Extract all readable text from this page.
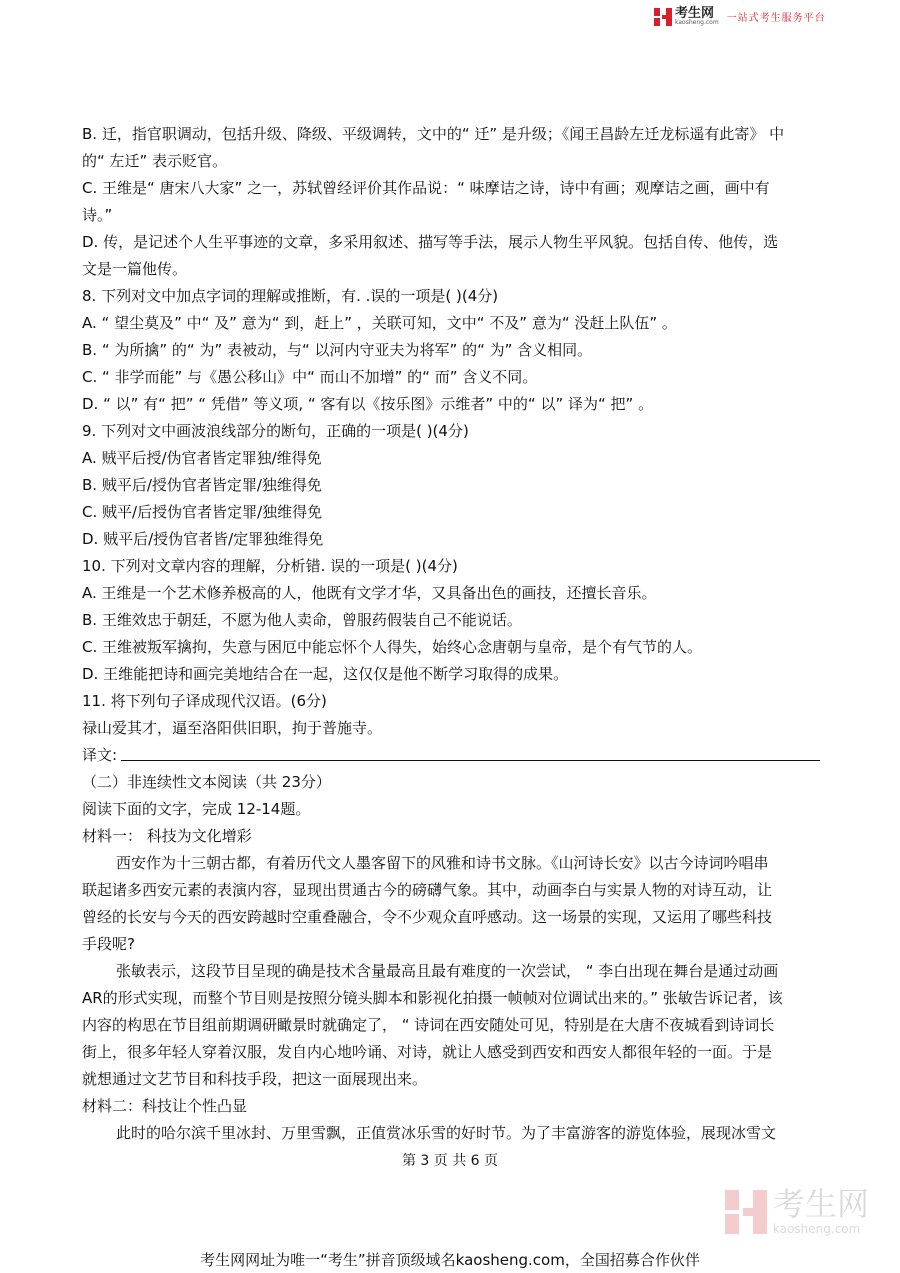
考生网
kaosheng.com 一站式考生服务平台
B. 迁，指官职调动，包括升级、降级、平级调转，文中的“ 迁” 是升级；《闻王昌龄左迁龙标遥有此寄》 中
的“ 左迁” 表示贬官。
C. 王维是“ 唐宋八大家” 之一，苏轼曾经评价其作品说：“ 味摩诘之诗，诗中有画；观摩诘之画，画中有
诗。”
D. 传，是记述个人生平事迹的文章，多采用叙述、描写等手法，展示人物生平风貌。包括自传、他传，选
文是一篇他传。
8. 下列对文中加点字词的理解或推断，有. .误的一项是( )(4分)
A. “ 望尘莫及” 中“ 及” 意为“ 到，赶上” ，关联可知，文中“ 不及” 意为“ 没赶上队伍” 。
B. “ 为所擒” 的“ 为” 表被动，与“ 以河内守亚夫为将军” 的“ 为” 含义相同。
C. “ 非学而能” 与《愚公移山》中“ 而山不加增” 的“ 而” 含义不同。
D. “ 以” 有“ 把” “ 凭借” 等义项, “ 客有以《按乐图》示维者” 中的“ 以” 译为“ 把” 。
9. 下列对文中画波浪线部分的断句，正确的一项是( )(4分)
A. 贼平后授/伪官者皆定罪独/维得免
B. 贼平后/授伪官者皆定罪/独维得免
C. 贼平/后授伪官者皆定罪/独维得免
D. 贼平后/授伪官者皆/定罪独维得免
10. 下列对文章内容的理解，分析错. 误的一项是( )(4分)
A. 王维是一个艺术修养极高的人，他既有文学才华，又具备出色的画技，还擅长音乐。
B. 王维效忠于朝廷，不愿为他人卖命，曾服药假装自己不能说话。
C. 王维被叛军擒拘，失意与困厄中能忘怀个人得失，始终心念唐朝与皇帝，是个有气节的人。
D. 王维能把诗和画完美地结合在一起，这仅仅是他不断学习取得的成果。
11. 将下列句子译成现代汉语。(6分)
禄山爱其才，逼至洛阳供旧职，拘于普施寺。
译文:
（二）非连续性文本阅读（共 23分）
阅读下面的文字，完成 12-14题。
材料一： 科技为文化增彩
西安作为十三朝古都，有着历代文人墨客留下的风雅和诗书文脉。《山河诗长安》以古今诗词吟唱串
联起诸多西安元素的表演内容，显现出贯通古今的磅礴气象。其中，动画李白与实景人物的对诗互动，让
曾经的长安与今天的西安跨越时空重叠融合，令不少观众直呼感动。这一场景的实现，又运用了哪些科技
手段呢?
张敏表示，这段节目呈现的确是技术含量最高且最有难度的一次尝试， “ 李白出现在舞台是通过动画
AR的形式实现，而整个节目则是按照分镜头脚本和影视化拍摄一帧帧对位调试出来的。” 张敏告诉记者，该
内容的构思在节目组前期调研瞰景时就确定了， “ 诗词在西安随处可见，特别是在大唐不夜城看到诗词长
街上，很多年轻人穿着汉服，发自内心地吟诵、对诗，就让人感受到西安和西安人都很年轻的一面。于是
就想通过文艺节目和科技手段，把这一面展现出来。
材料二：科技让个性凸显
此时的哈尔滨千里冰封、万里雪飘，正值赏冰乐雪的好时节。为了丰富游客的游览体验，展现冰雪文
第 3 页 共 6 页
考生网
kaosheng.com
考生网网址为唯一“考生”拼音顶级域名kaosheng.com，全国招募合作伙伴
